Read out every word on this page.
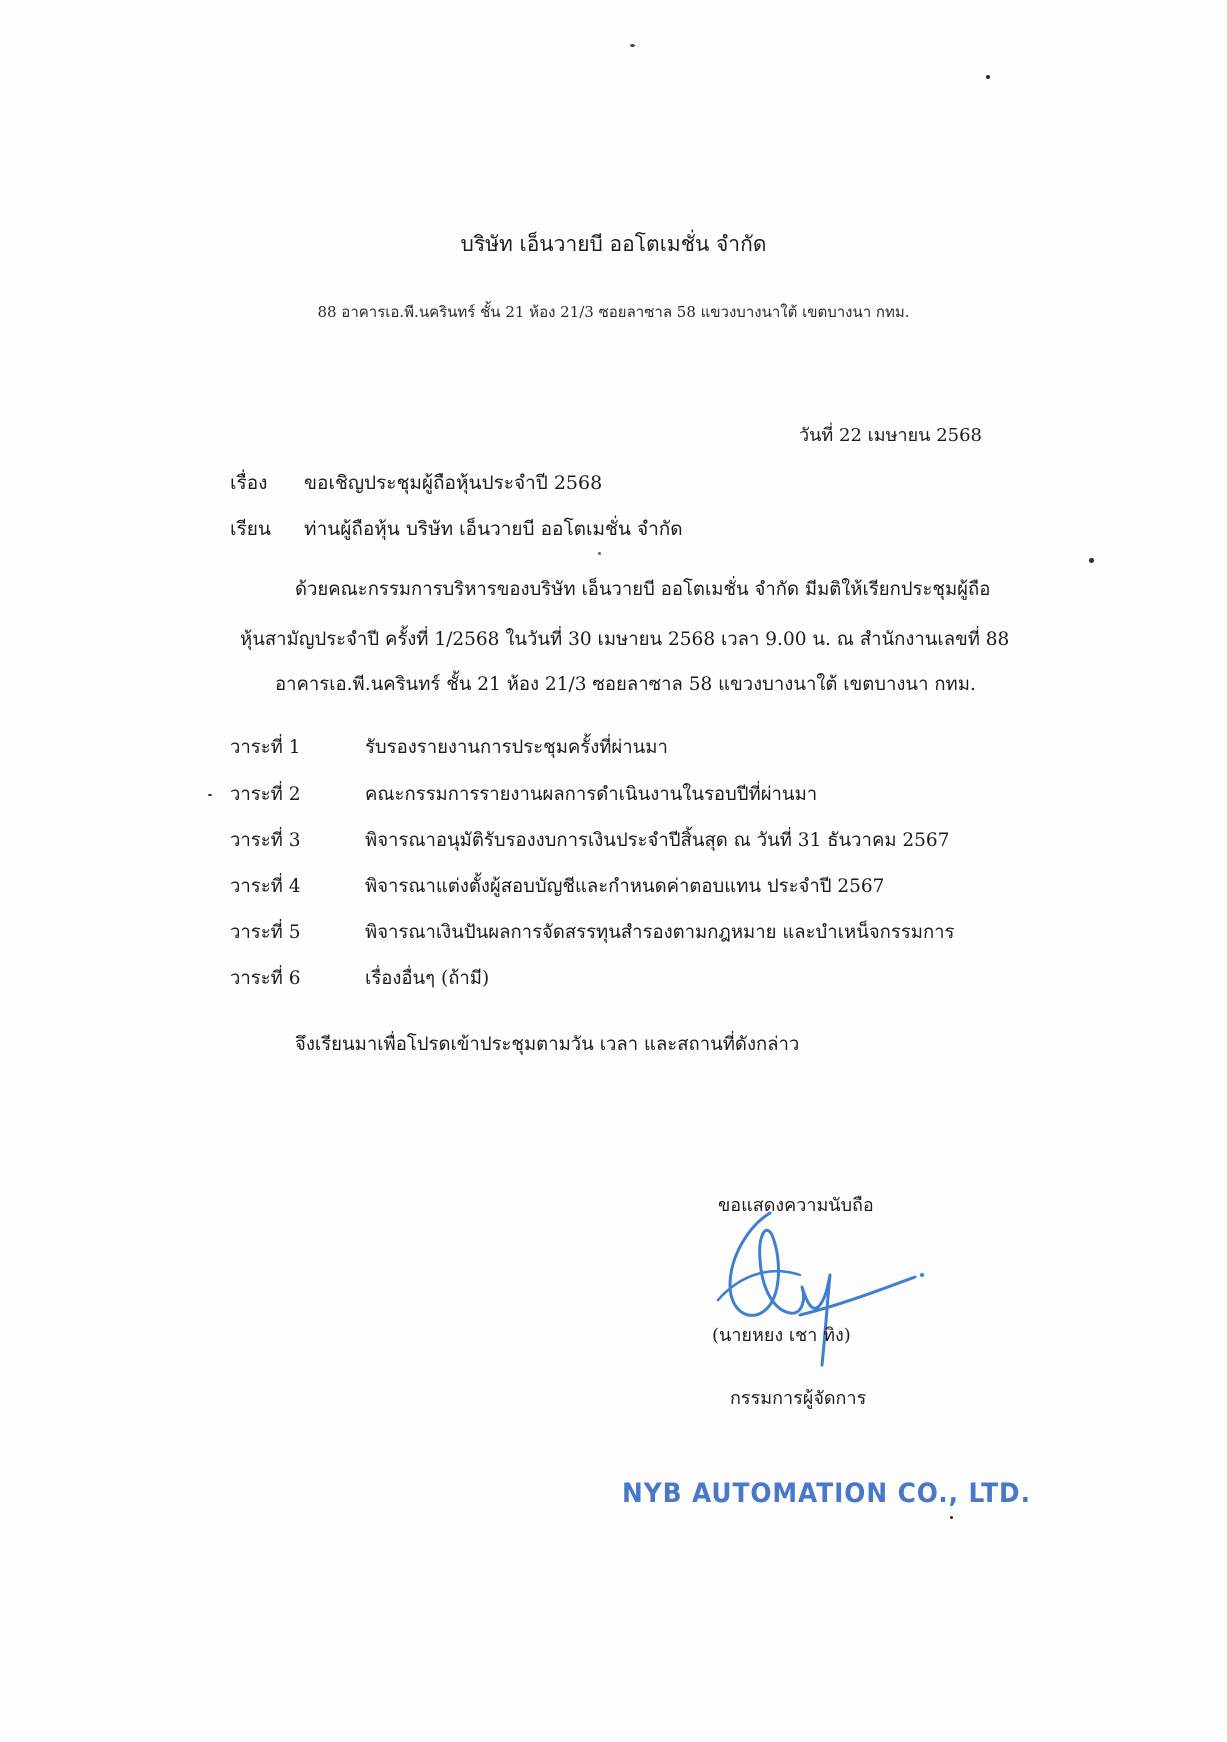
บริษัท เอ็นวายบี ออโตเมชั่น จำกัด
88 อาคารเอ.พี.นครินทร์ ชั้น 21 ห้อง 21/3 ซอยลาซาล 58 แขวงบางนาใต้ เขตบางนา กทม.
วันที่ 22 เมษายน 2568
เรื่อง ขอเชิญประชุมผู้ถือหุ้นประจำปี 2568
เรียน ท่านผู้ถือหุ้น บริษัท เอ็นวายบี ออโตเมชั่น จำกัด
ด้วยคณะกรรมการบริหารของบริษัท เอ็นวายบี ออโตเมชั่น จำกัด มีมติให้เรียกประชุมผู้ถือ
หุ้นสามัญประจำปี ครั้งที่ 1/2568 ในวันที่ 30 เมษายน 2568 เวลา 9.00 น. ณ สำนักงานเลขที่ 88
อาคารเอ.พี.นครินทร์ ชั้น 21 ห้อง 21/3 ซอยลาซาล 58 แขวงบางนาใต้ เขตบางนา กทม.
วาระที่ 1	รับรองรายงานการประชุมครั้งที่ผ่านมา
วาระที่ 2	คณะกรรมการรายงานผลการดำเนินงานในรอบปีที่ผ่านมา
วาระที่ 3	พิจารณาอนุมัติรับรองงบการเงินประจำปีสิ้นสุด ณ วันที่ 31 ธันวาคม 2567
วาระที่ 4	พิจารณาแต่งตั้งผู้สอบบัญชีและกำหนดค่าตอบแทน ประจำปี 2567
วาระที่ 5	พิจารณาเงินปันผลการจัดสรรทุนสำรองตามกฎหมาย และบำเหน็จกรรมการ
วาระที่ 6	เรื่องอื่นๆ (ถ้ามี)
จึงเรียนมาเพื่อโปรดเข้าประชุมตามวัน เวลา และสถานที่ดังกล่าว
ขอแสดงความนับถือ
(นายหยง เชา ทิง)
กรรมการผู้จัดการ
NYB AUTOMATION CO., LTD.
